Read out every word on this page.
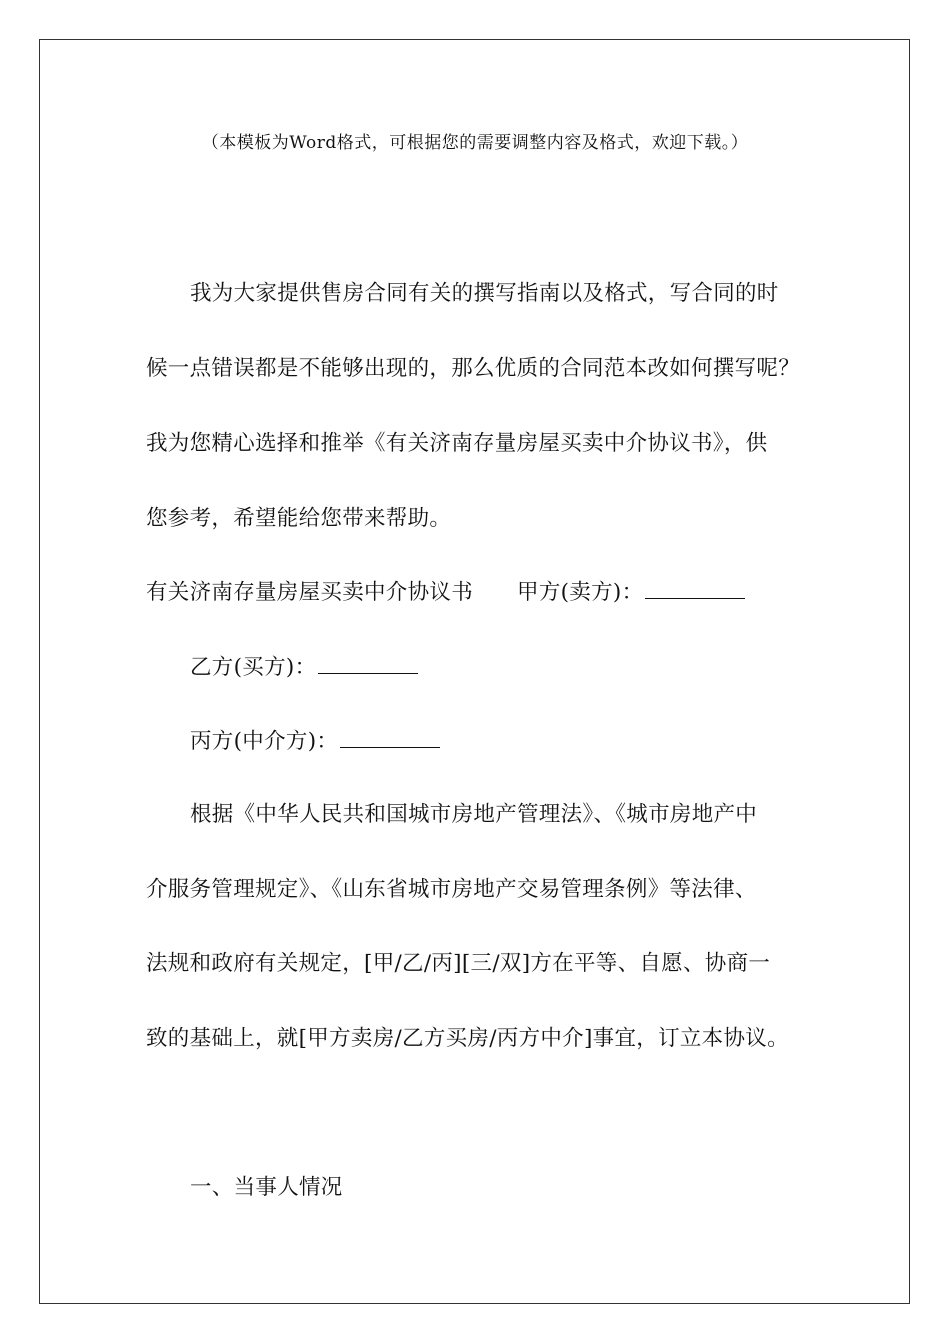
（本模板为Word格式，可根据您的需要调整内容及格式，欢迎下载。）
我为大家提供售房合同有关的撰写指南以及格式，写合同的时
候一点错误都是不能够出现的，那么优质的合同范本改如何撰写呢？
我为您精心选择和推举《有关济南存量房屋买卖中介协议书》，供
您参考，希望能给您带来帮助。
有关济南存量房屋买卖中介协议书 甲方(卖方)：
乙方(买方)：
丙方(中介方)：
根据《中华人民共和国城市房地产管理法》、《城市房地产中
介服务管理规定》、《山东省城市房地产交易管理条例》等法律、
法规和政府有关规定，[甲/乙/丙][三/双]方在平等、自愿、协商一
致的基础上，就[甲方卖房/乙方买房/丙方中介]事宜，订立本协议。
一、当事人情况
